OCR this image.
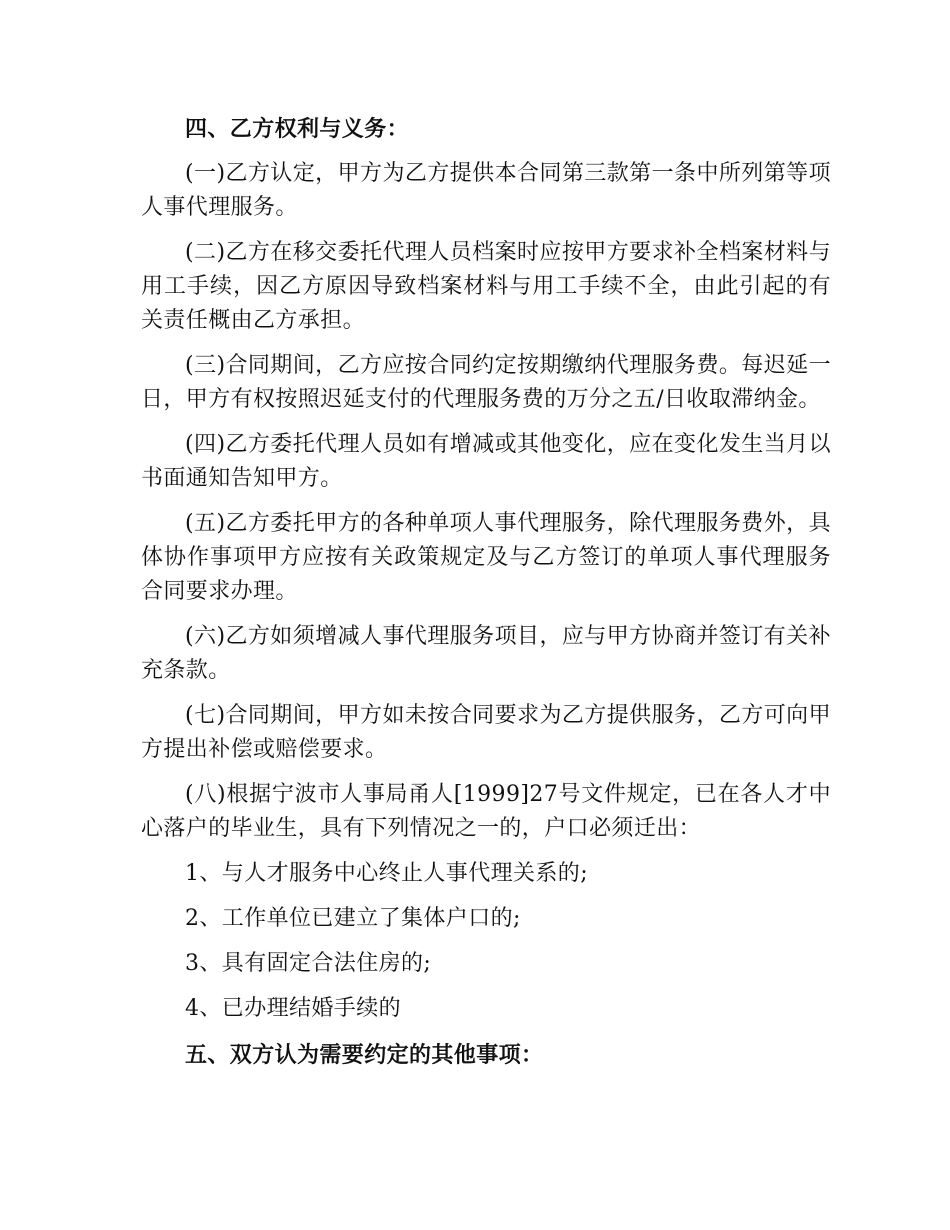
四、乙方权利与义务：

(一)乙方认定，甲方为乙方提供本合同第三款第一条中所列第等项人事代理服务。

(二)乙方在移交委托代理人员档案时应按甲方要求补全档案材料与用工手续，因乙方原因导致档案材料与用工手续不全，由此引起的有关责任概由乙方承担。

(三)合同期间，乙方应按合同约定按期缴纳代理服务费。每迟延一日，甲方有权按照迟延支付的代理服务费的万分之五/日收取滞纳金。

(四)乙方委托代理人员如有增减或其他变化，应在变化发生当月以书面通知告知甲方。

(五)乙方委托甲方的各种单项人事代理服务，除代理服务费外，具体协作事项甲方应按有关政策规定及与乙方签订的单项人事代理服务合同要求办理。

(六)乙方如须增减人事代理服务项目，应与甲方协商并签订有关补充条款。

(七)合同期间，甲方如未按合同要求为乙方提供服务，乙方可向甲方提出补偿或赔偿要求。

(八)根据宁波市人事局甬人[1999]27号文件规定，已在各人才中心落户的毕业生，具有下列情况之一的，户口必须迁出：

1、与人才服务中心终止人事代理关系的;

2、工作单位已建立了集体户口的;

3、具有固定合法住房的;

4、已办理结婚手续的

五、双方认为需要约定的其他事项：
